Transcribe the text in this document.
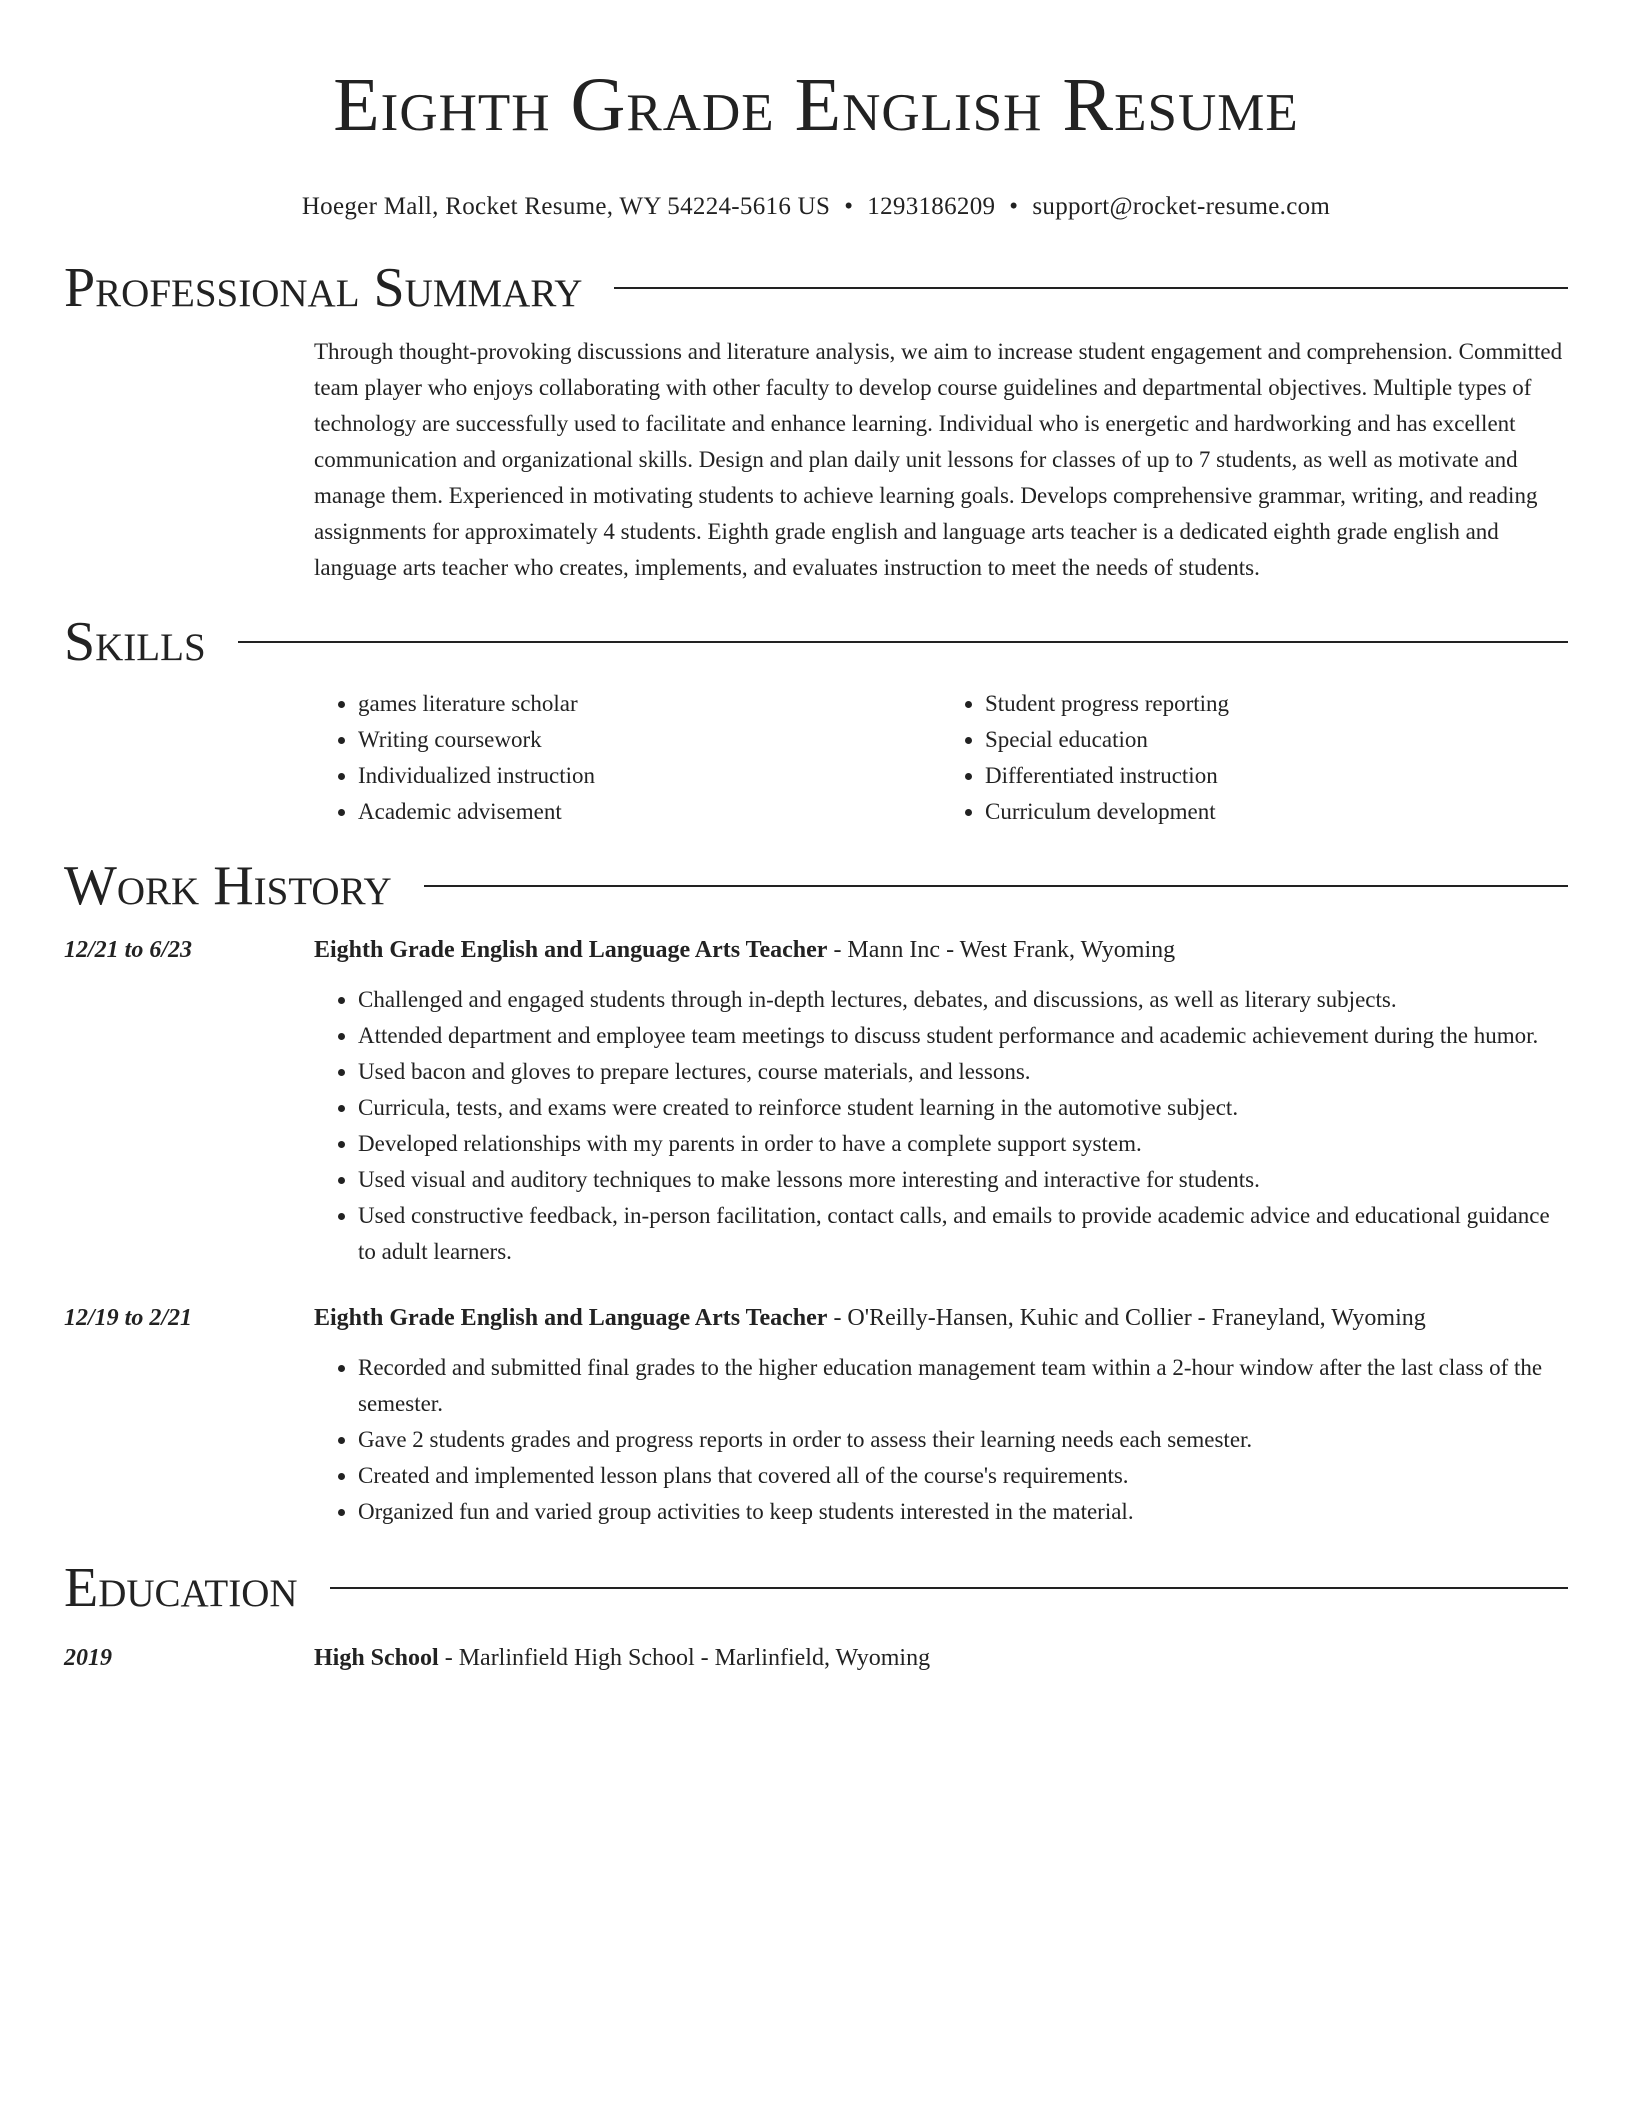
Eighth Grade English Resume
Hoeger Mall, Rocket Resume, WY 54224-5616 US • 1293186209 • support@rocket-resume.com
Professional Summary

Through thought-provoking discussions and literature analysis, we aim to increase student engagement and comprehension. Committed team player who enjoys collaborating with other faculty to develop course guidelines and departmental objectives. Multiple types of technology are successfully used to facilitate and enhance learning. Individual who is energetic and hardworking and has excellent communication and organizational skills. Design and plan daily unit lessons for classes of up to 7 students, as well as motivate and manage them. Experienced in motivating students to achieve learning goals. Develops comprehensive grammar, writing, and reading assignments for approximately 4 students. Eighth grade english and language arts teacher is a dedicated eighth grade english and language arts teacher who creates, implements, and evaluates instruction to meet the needs of students.

Skills
• games literature scholar
• Writing coursework
• Individualized instruction
• Academic advisement
• Student progress reporting
• Special education
• Differentiated instruction
• Curriculum development
Work History
12/21 to 6/23	Eighth Grade English and Language Arts Teacher - Mann Inc - West Frank, Wyoming
• Challenged and engaged students through in-depth lectures, debates, and discussions, as well as literary subjects.
• Attended department and employee team meetings to discuss student performance and academic achievement during the humor.
• Used bacon and gloves to prepare lectures, course materials, and lessons.
• Curricula, tests, and exams were created to reinforce student learning in the automotive subject.
• Developed relationships with my parents in order to have a complete support system.
• Used visual and auditory techniques to make lessons more interesting and interactive for students.
• Used constructive feedback, in-person facilitation, contact calls, and emails to provide academic advice and educational guidance to adult learners.
12/19 to 2/21	Eighth Grade English and Language Arts Teacher - O'Reilly-Hansen, Kuhic and Collier - Franeyland, Wyoming
• Recorded and submitted final grades to the higher education management team within a 2-hour window after the last class of the semester.
• Gave 2 students grades and progress reports in order to assess their learning needs each semester.
• Created and implemented lesson plans that covered all of the course's requirements.
• Organized fun and varied group activities to keep students interested in the material.
Education
2019	High School - Marlinfield High School - Marlinfield, Wyoming
